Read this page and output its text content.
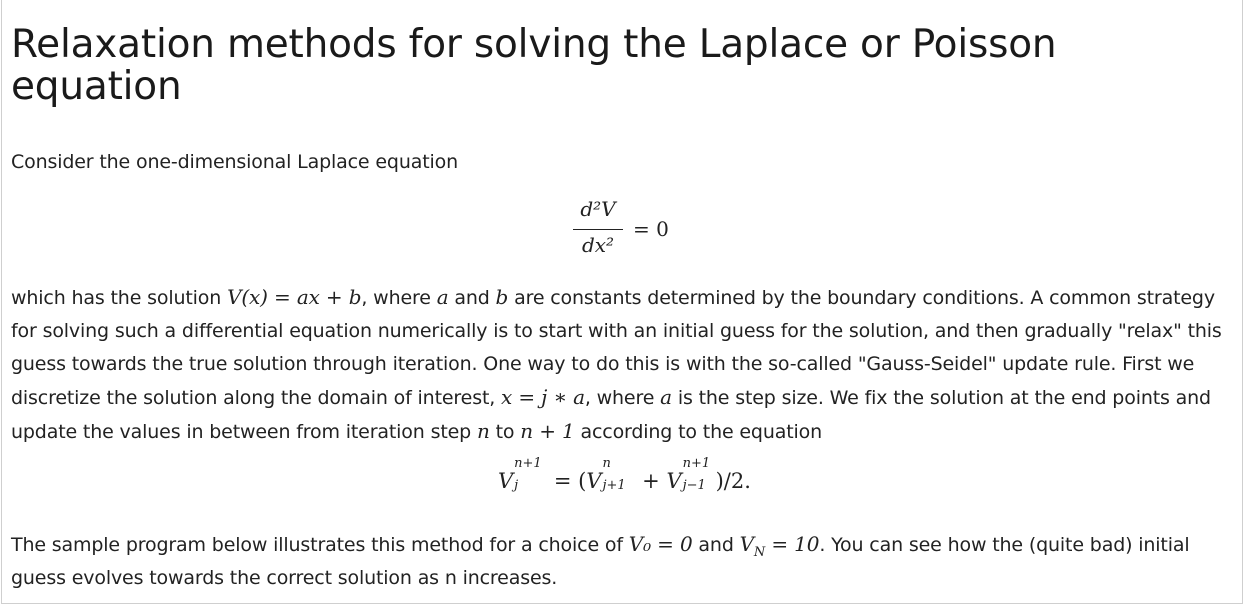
Relaxation methods for solving the Laplace or Poisson equation

Consider the one-dimensional Laplace equation

d²V
dx²
= 0

which has the solution V(x) = ax + b, where a and b are constants determined by the boundary conditions. A common strategy for solving such a differential equation numerically is to start with an initial guess for the solution, and then gradually "relax" this guess towards the true solution through iteration. One way to do this is with the so-called "Gauss-Seidel" update rule. First we discretize the solution along the domain of interest, x = j ∗ a, where a is the step size. We fix the solution at the end points and update the values in between from iteration step n to n + 1 according to the equation

V
n+1
j = (V
n
j+1 + V
n+1
j−1 )/2.

The sample program below illustrates this method for a choice of V₀ = 0 and $V_N = 10$. You can see how the (quite bad) initial guess evolves towards the correct solution as n increases.
